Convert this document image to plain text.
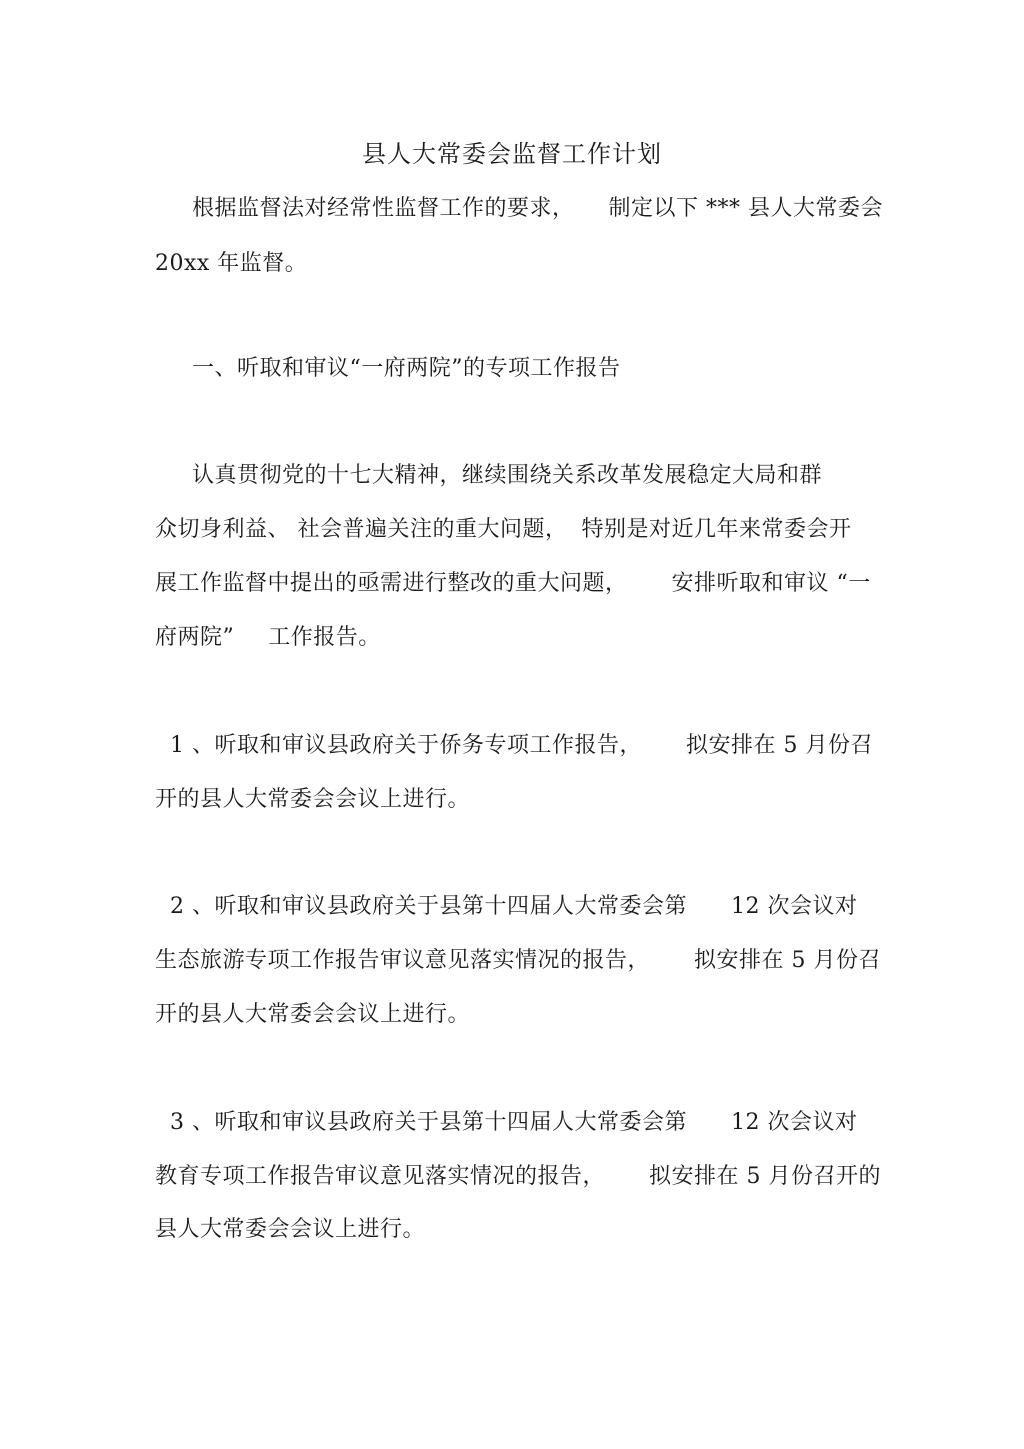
县人大常委会监督工作计划
根据监督法对经常性监督工作的要求， 制定以下 *** 县人大常委会
20xx 年监督。
一、听取和审议“一府两院”的专项工作报告
认真贯彻党的十七大精神，继续围绕关系改革发展稳定大局和群
众切身利益、 社会普遍关注的重大问题， 特别是对近几年来常委会开
展工作监督中提出的亟需进行整改的重大问题， 安排听取和审议 “一
府两院” 工作报告。
1 、听取和审议县政府关于侨务专项工作报告， 拟安排在 5 月份召
开的县人大常委会会议上进行。
2 、听取和审议县政府关于县第十四届人大常委会第 12 次会议对
生态旅游专项工作报告审议意见落实情况的报告， 拟安排在 5 月份召
开的县人大常委会会议上进行。
3 、听取和审议县政府关于县第十四届人大常委会第 12 次会议对
教育专项工作报告审议意见落实情况的报告， 拟安排在 5 月份召开的
县人大常委会会议上进行。
